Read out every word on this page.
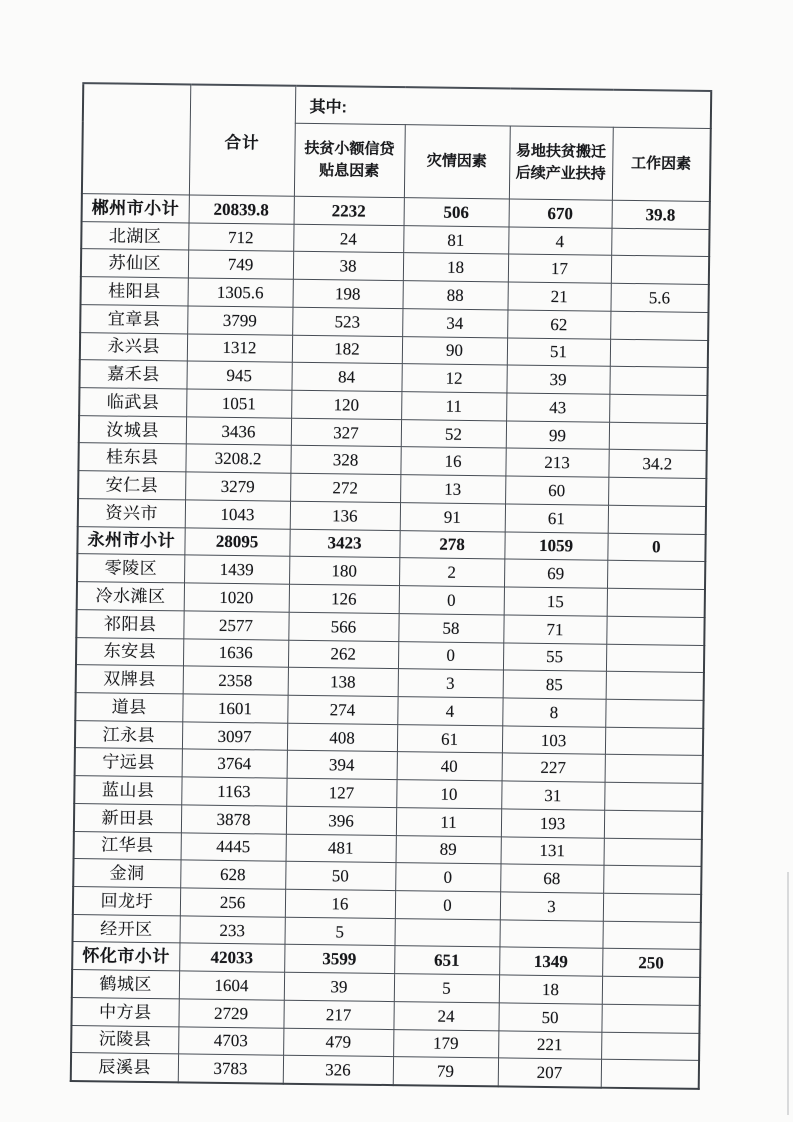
	合计	其中:			
		扶贫小额信贷
贴息因素	灾情因素	易地扶贫搬迁
后续产业扶持	工作因素
郴州市小计	20839.8	2232	506	670	39.8
北湖区	712	24	81	4	
苏仙区	749	38	18	17	
桂阳县	1305.6	198	88	21	5.6
宜章县	3799	523	34	62	
永兴县	1312	182	90	51	
嘉禾县	945	84	12	39	
临武县	1051	120	11	43	
汝城县	3436	327	52	99	
桂东县	3208.2	328	16	213	34.2
安仁县	3279	272	13	60	
资兴市	1043	136	91	61	
永州市小计	28095	3423	278	1059	0
零陵区	1439	180	2	69	
冷水滩区	1020	126	0	15	
祁阳县	2577	566	58	71	
东安县	1636	262	0	55	
双牌县	2358	138	3	85	
道县	1601	274	4	8	
江永县	3097	408	61	103	
宁远县	3764	394	40	227	
蓝山县	1163	127	10	31	
新田县	3878	396	11	193	
江华县	4445	481	89	131	
金洞	628	50	0	68	
回龙圩	256	16	0	3	
经开区	233	5			
怀化市小计	42033	3599	651	1349	250
鹤城区	1604	39	5	18	
中方县	2729	217	24	50	
沅陵县	4703	479	179	221	
辰溪县	3783	326	79	207	
